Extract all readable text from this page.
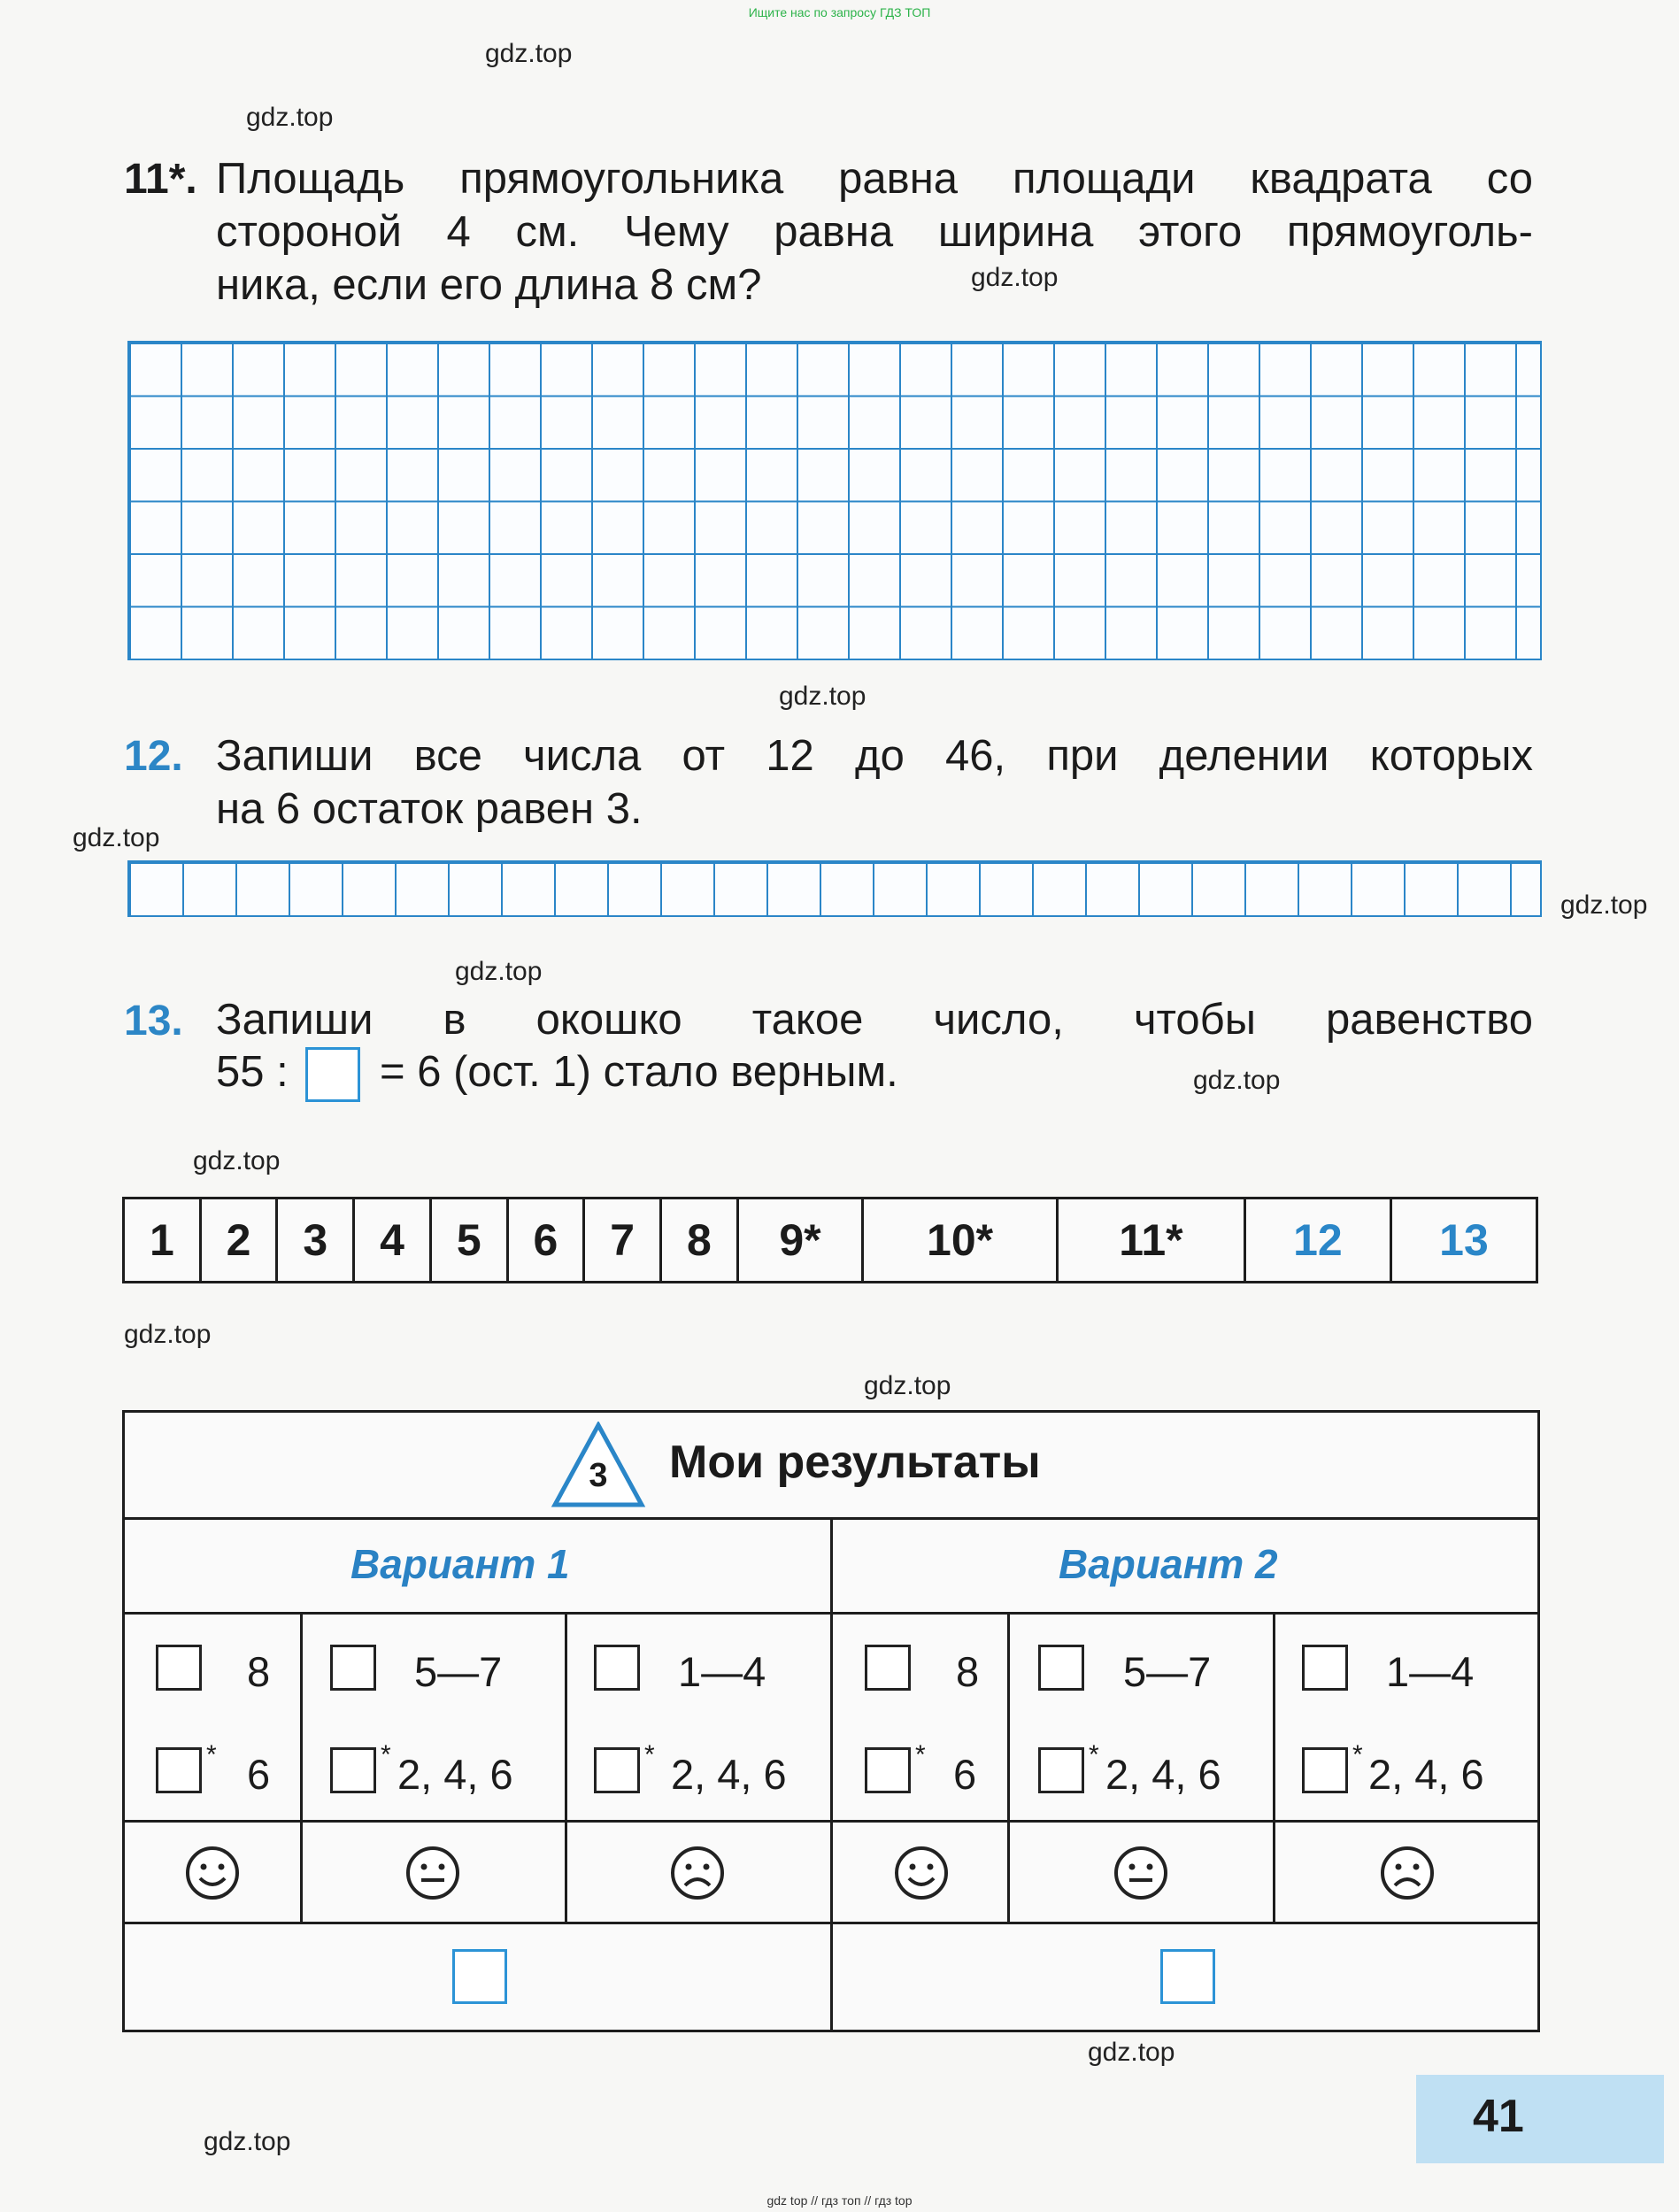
Ищите нас по запросу ГДЗ ТОП
gdz.top
gdz.top
gdz.top
gdz.top
gdz.top
gdz.top
gdz.top
gdz.top
gdz.top
gdz.top
gdz.top
gdz.top
gdz.top
11*. Площадь прямоугольника равна площади квадрата со
стороной 4 см. Чему равна ширина этого прямоуголь-
ника, если его длина 8 см?
12. Запиши все числа от 12 до 46, при делении которых
на 6 остаток равен 3.
13. Запиши в окошко такое число, чтобы равенство
55 : = 6 (ост. 1) стало верным.
1	2	3	4	5	6	7	8	9*	10*	11*	12	13
3	Мои результаты
Вариант 1	Вариант 2
8	5—7	1—4	8	5—7	1—4
* 6	* 2, 4, 6	* 2, 4, 6	* 6	* 2, 4, 6	* 2, 4, 6
41
gdz top // гдз топ // гдз top
